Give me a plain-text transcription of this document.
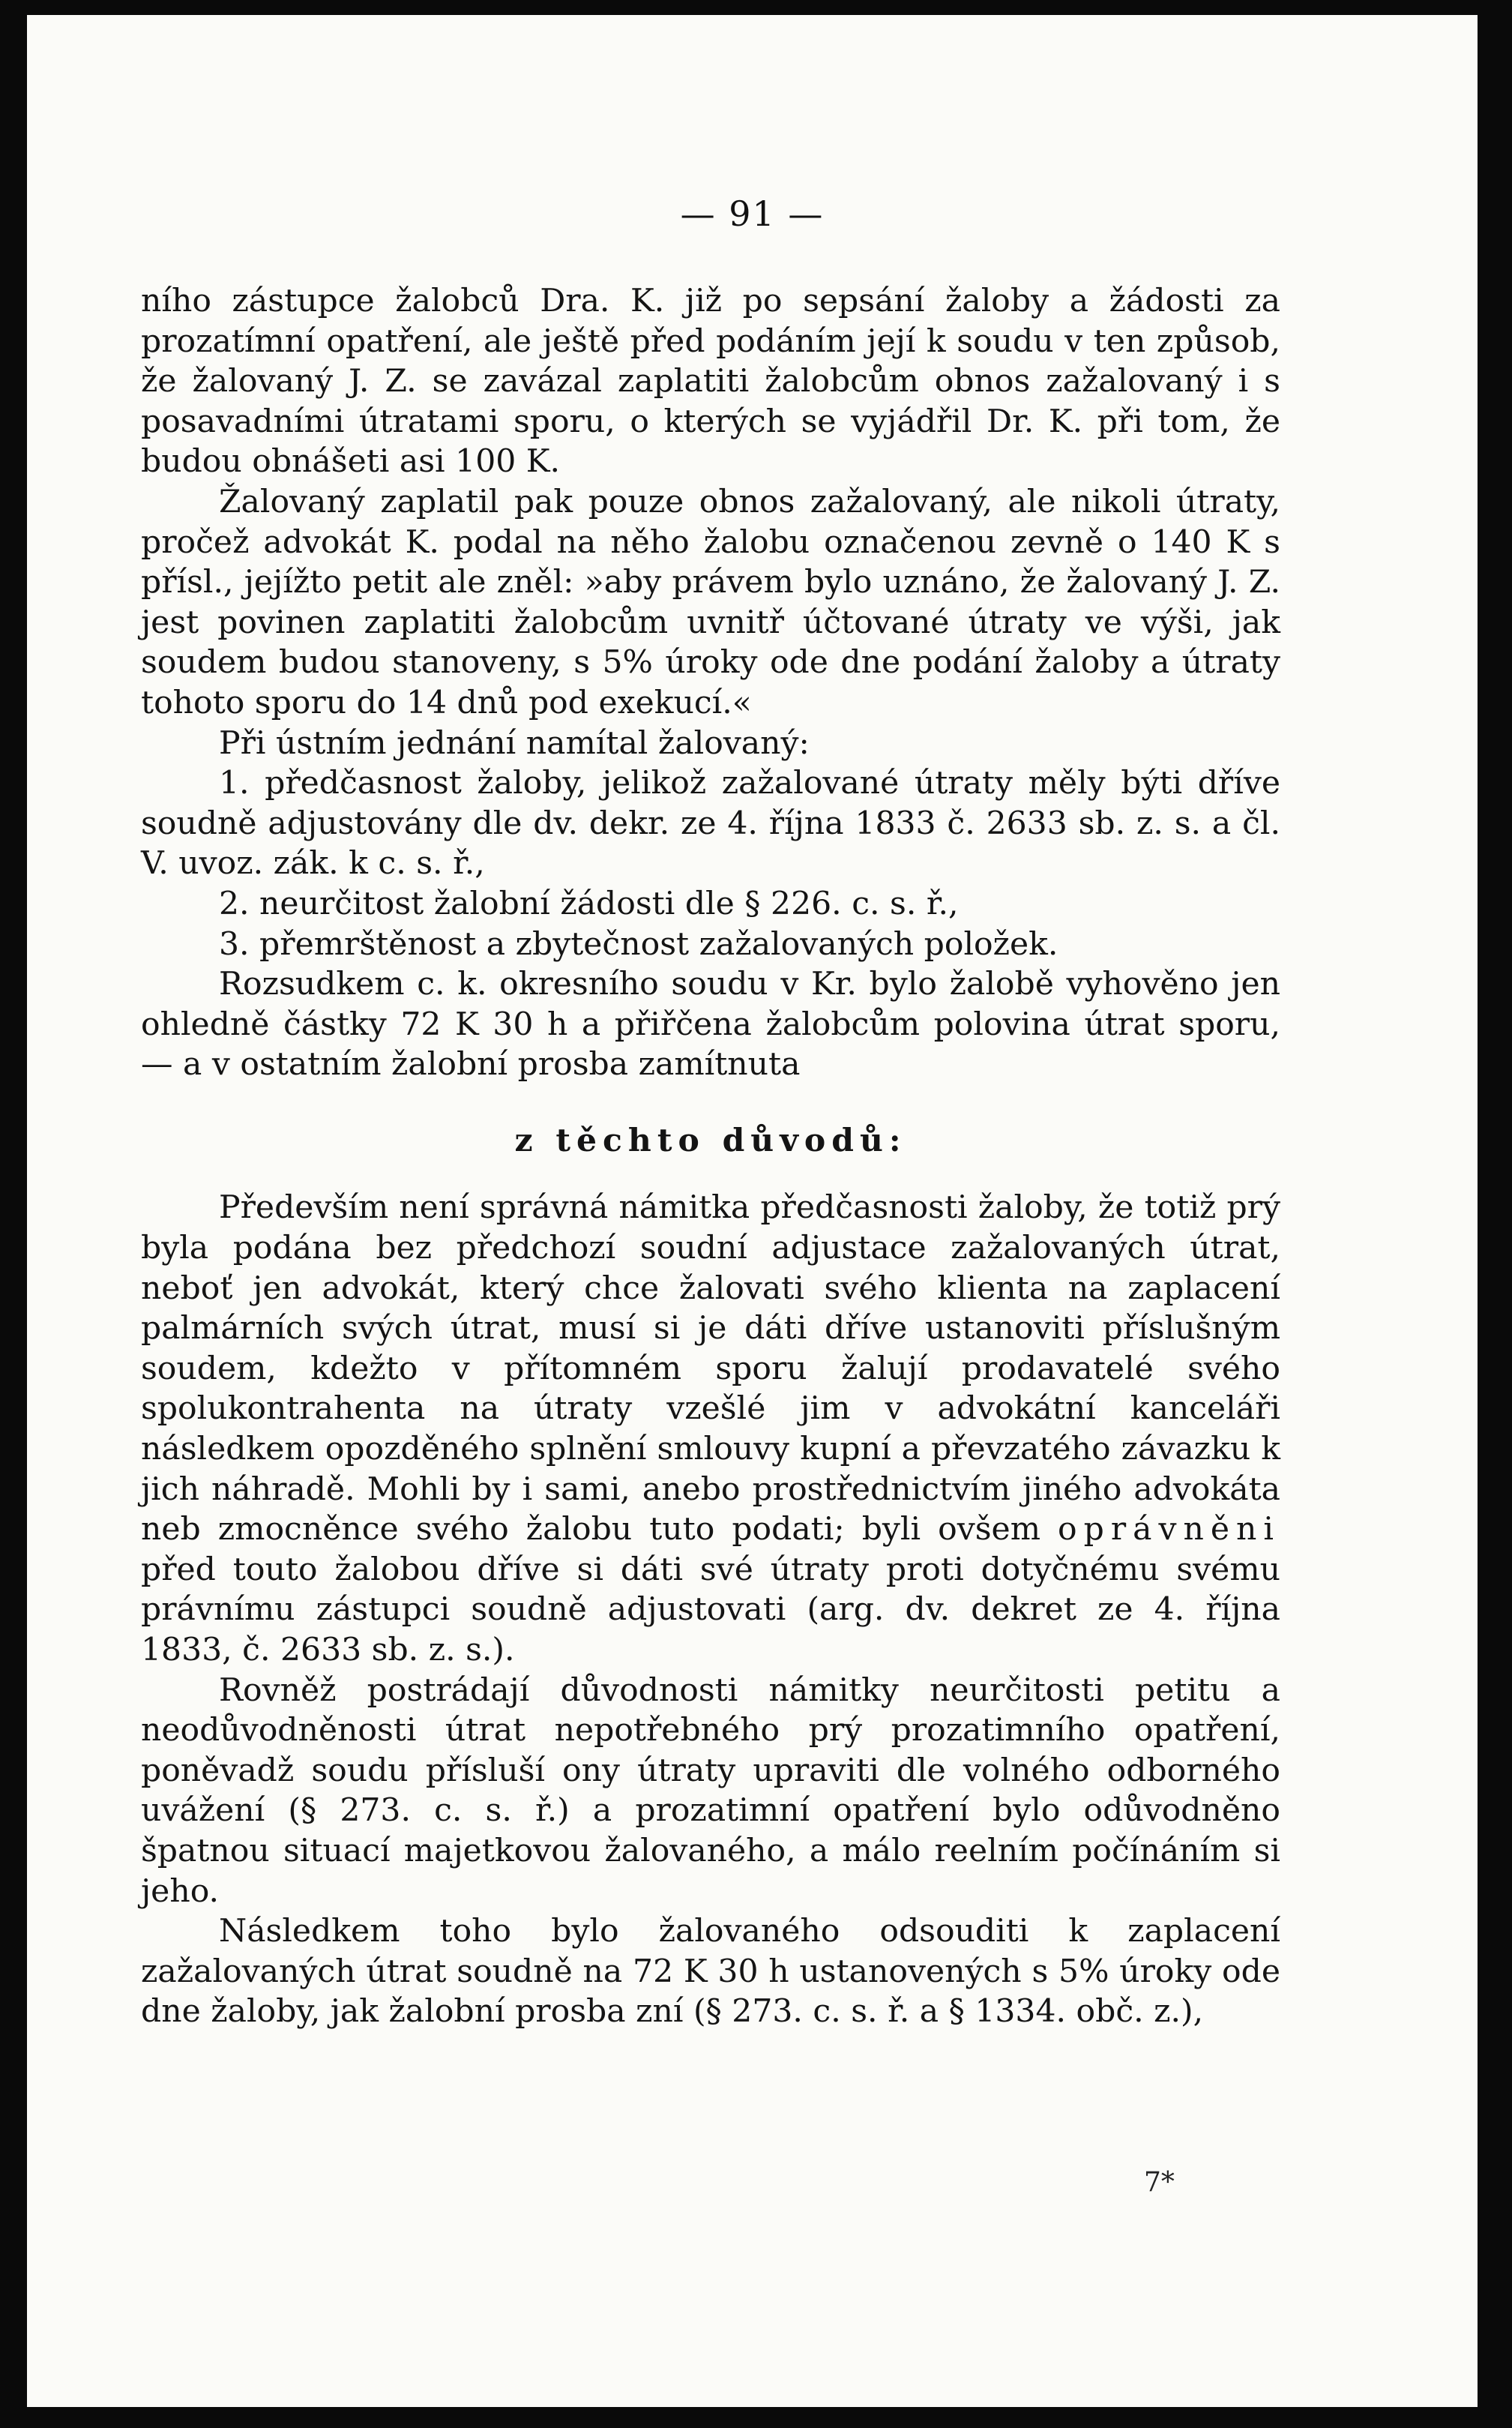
— 91 —

ního zástupce žalobců Dra. K. již po sepsání žaloby a žádosti za prozatímní opatření, ale ještě před podáním její k soudu v ten způsob, že žalovaný J. Z. se zavázal zaplatiti žalobcům obnos zažalovaný i s posavadními útratami sporu, o kterých se vyjádřil Dr. K. při tom, že budou obnášeti asi 100 K.

Žalovaný zaplatil pak pouze obnos zažalovaný, ale nikoli útraty, pročež advokát K. podal na něho žalobu označenou zevně o 140 K s přísl., jejížto petit ale zněl: »aby právem bylo uznáno, že žalovaný J. Z. jest povinen zaplatiti žalobcům uvnitř účtované útraty ve výši, jak soudem budou stanoveny, s 5% úroky ode dne podání žaloby a útraty tohoto sporu do 14 dnů pod exekucí.«

Při ústním jednání namítal žalovaný:

1. předčasnost žaloby, jelikož zažalované útraty měly býti dříve soudně adjustovány dle dv. dekr. ze 4. října 1833 č. 2633 sb. z. s. a čl. V. uvoz. zák. k c. s. ř.,

2. neurčitost žalobní žádosti dle § 226. c. s. ř.,

3. přemrštěnost a zbytečnost zažalovaných položek.

Rozsudkem c. k. okresního soudu v Kr. bylo žalobě vyhověno jen ohledně částky 72 K 30 h a přiřčena žalobcům polovina útrat sporu, — a v ostatním žalobní prosba zamítnuta

z těchto důvodů:

Především není správná námitka předčasnosti žaloby, že totiž prý byla podána bez předchozí soudní adjustace zažalovaných útrat, neboť jen advokát, který chce žalovati svého klienta na zaplacení palmárních svých útrat, musí si je dáti dříve ustanoviti příslušným soudem, kdežto v přítomném sporu žalují prodavatelé svého spolukontrahenta na útraty vzešlé jim v advokátní kanceláři následkem opozděného splnění smlouvy kupní a převzatého závazku k jich náhradě. Mohli by i sami, anebo prostřednictvím jiného advokáta neb zmocněnce svého žalobu tuto podati; byli ovšem oprávněni před touto žalobou dříve si dáti své útraty proti dotyčnému svému právnímu zástupci soudně adjustovati (arg. dv. dekret ze 4. října 1833, č. 2633 sb. z. s.).

Rovněž postrádají důvodnosti námitky neurčitosti petitu a neodůvodněnosti útrat nepotřebného prý prozatimního opatření, poněvadž soudu přísluší ony útraty upraviti dle volného odborného uvážení (§ 273. c. s. ř.) a prozatimní opatření bylo odůvodněno špatnou situací majetkovou žalovaného, a málo reelním počínáním si jeho.

Následkem toho bylo žalovaného odsouditi k zaplacení zažalovaných útrat soudně na 72 K 30 h ustanovených s 5% úroky ode dne žaloby, jak žalobní prosba zní (§ 273. c. s. ř. a § 1334. obč. z.),

7*
